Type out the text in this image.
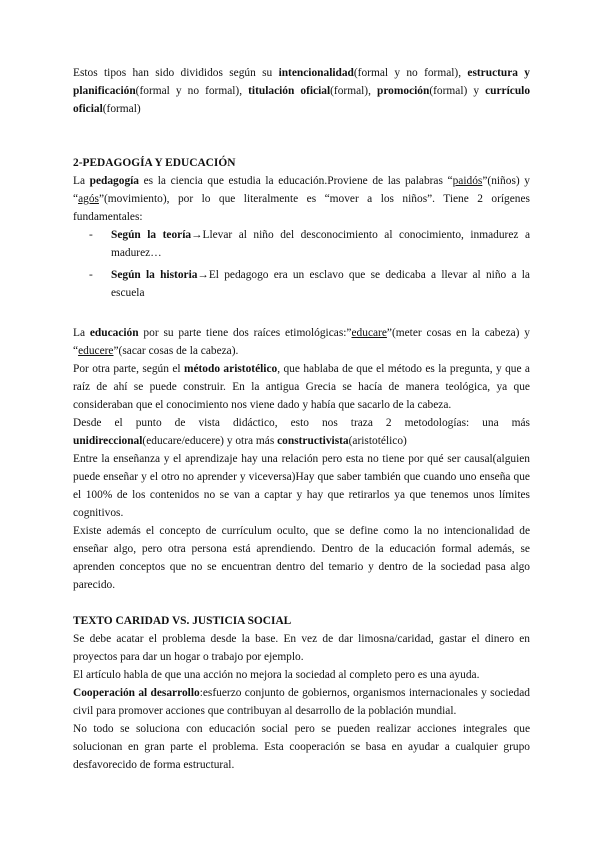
Estos tipos han sido divididos según su intencionalidad(formal y no formal), estructura y planificación(formal y no formal), titulación oficial(formal), promoción(formal) y currículo oficial(formal)

2-PEDAGOGÍA Y EDUCACIÓN

La pedagogía es la ciencia que estudia la educación.Proviene de las palabras “paidós”(niños) y “agós”(movimiento), por lo que literalmente es “mover a los niños”. Tiene 2 orígenes fundamentales:

- Según la teoría→Llevar al niño del desconocimiento al conocimiento, inmadurez a madurez…
- Según la historia→El pedagogo era un esclavo que se dedicaba a llevar al niño a la escuela

La educación por su parte tiene dos raíces etimológicas:”educare”(meter cosas en la cabeza) y “educere”(sacar cosas de la cabeza).

Por otra parte, según el método aristotélico, que hablaba de que el método es la pregunta, y que a raíz de ahí se puede construir. En la antigua Grecia se hacía de manera teológica, ya que consideraban que el conocimiento nos viene dado y había que sacarlo de la cabeza.

Desde el punto de vista didáctico, esto nos traza 2 metodologías: una más unidireccional(educare/educere) y otra más constructivista(aristotélico)

Entre la enseñanza y el aprendizaje hay una relación pero esta no tiene por qué ser causal(alguien puede enseñar y el otro no aprender y viceversa)Hay que saber también que cuando uno enseña que el 100% de los contenidos no se van a captar y hay que retirarlos ya que tenemos unos límites cognitivos.

Existe además el concepto de currículum oculto, que se define como la no intencionalidad de enseñar algo, pero otra persona está aprendiendo. Dentro de la educación formal además, se aprenden conceptos que no se encuentran dentro del temario y dentro de la sociedad pasa algo parecido.

TEXTO CARIDAD VS. JUSTICIA SOCIAL

Se debe acatar el problema desde la base. En vez de dar limosna/caridad, gastar el dinero en proyectos para dar un hogar o trabajo por ejemplo.

El artículo habla de que una acción no mejora la sociedad al completo pero es una ayuda.

Cooperación al desarrollo:esfuerzo conjunto de gobiernos, organismos internacionales y sociedad civil para promover acciones que contribuyan al desarrollo de la población mundial.

No todo se soluciona con educación social pero se pueden realizar acciones integrales que solucionan en gran parte el problema. Esta cooperación se basa en ayudar a cualquier grupo desfavorecido de forma estructural.
